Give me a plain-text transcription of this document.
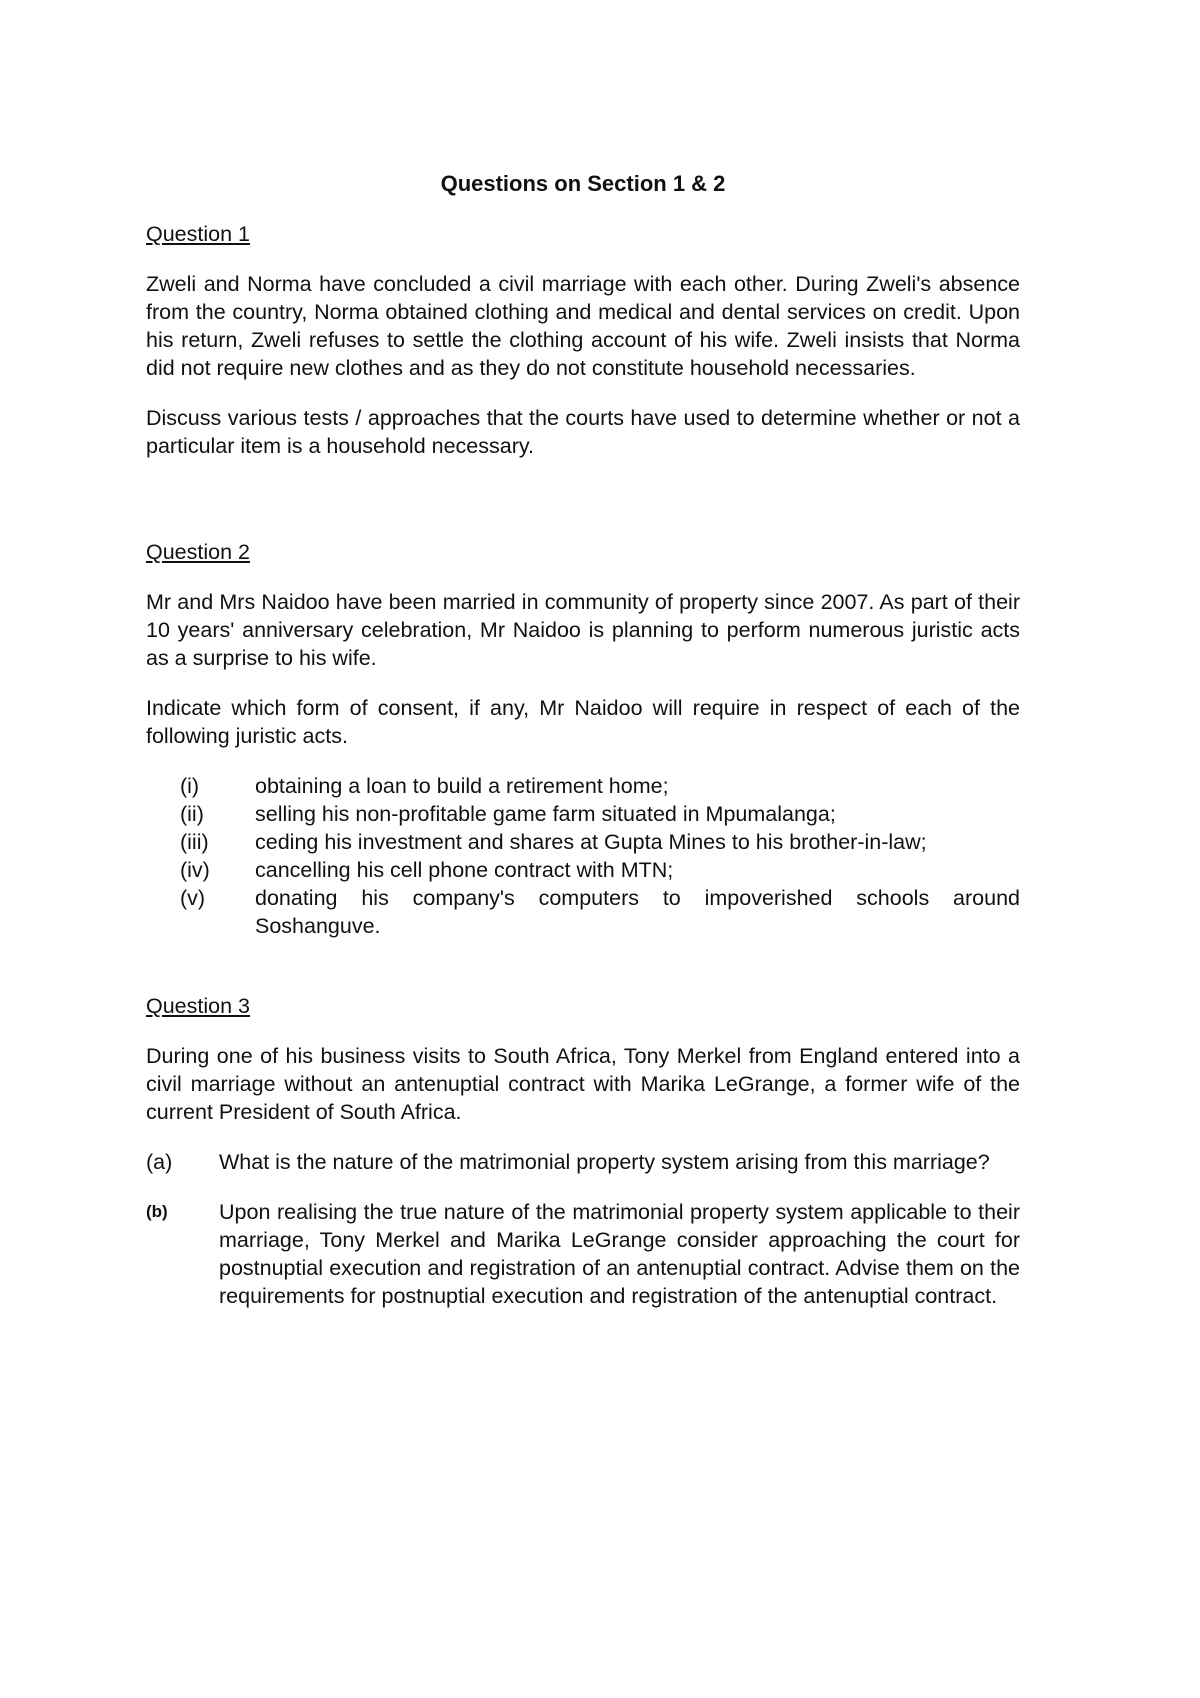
Questions on Section 1 & 2
Question 1

Zweli and Norma have concluded a civil marriage with each other. During Zweli's absence from the country, Norma obtained clothing and medical and dental services on credit. Upon his return, Zweli refuses to settle the clothing account of his wife. Zweli insists that Norma did not require new clothes and as they do not constitute household necessaries.

Discuss various tests / approaches that the courts have used to determine whether or not a particular item is a household necessary.

Question 2

Mr and Mrs Naidoo have been married in community of property since 2007. As part of their 10 years' anniversary celebration, Mr Naidoo is planning to perform numerous juristic acts as a surprise to his wife.

Indicate which form of consent, if any, Mr Naidoo will require in respect of each of the following juristic acts.

(i)	obtaining a loan to build a retirement home;
(ii)	selling his non-profitable game farm situated in Mpumalanga;
(iii)	ceding his investment and shares at Gupta Mines to his brother-in-law;
(iv)	cancelling his cell phone contract with MTN;
(v)	donating his company's computers to impoverished schools around Soshanguve.
Question 3

During one of his business visits to South Africa, Tony Merkel from England entered into a civil marriage without an antenuptial contract with Marika LeGrange, a former wife of the current President of South Africa.

(a)	What is the nature of the matrimonial property system arising from this marriage?
(b)	Upon realising the true nature of the matrimonial property system applicable to their marriage, Tony Merkel and Marika LeGrange consider approaching the court for postnuptial execution and registration of an antenuptial contract. Advise them on the requirements for postnuptial execution and registration of the antenuptial contract.
